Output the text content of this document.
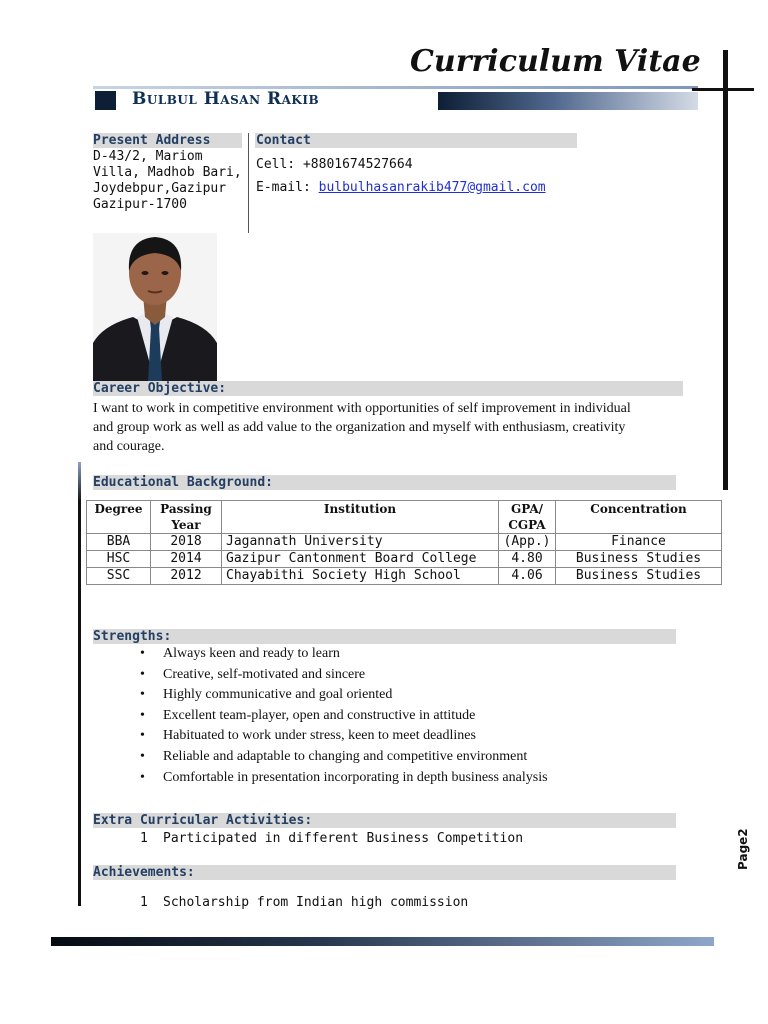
Curriculum Vitae
Bulbul Hasan Rakib
Present Address
D-43/2, Mariom
Villa, Madhob Bari,
Joydebpur,Gazipur
Gazipur-1700
Contact
Cell: +8801674527664
E-mail: bulbulhasanrakib477@gmail.com
Career Objective:
I want to work in competitive environment with opportunities of self improvement in individual
and group work as well as add value to the organization and myself with enthusiasm, creativity
and courage.
Educational Background:
Degree	Passing Year	Institution	GPA/ CGPA	Concentration
BBA	2018	Jagannath University	(App.)	Finance
HSC	2014	Gazipur Cantonment Board College	4.80	Business Studies
SSC	2012	Chayabithi Society High School	4.06	Business Studies
Strengths:
• Always keen and ready to learn
• Creative, self-motivated and sincere
• Highly communicative and goal oriented
• Excellent team-player, open and constructive in attitude
• Habituated to work under stress, keen to meet deadlines
• Reliable and adaptable to changing and competitive environment
• Comfortable in presentation incorporating in depth business analysis
Extra Curricular Activities:
1 Participated in different Business Competition
Achievements:
1 Scholarship from Indian high commission
Page2
